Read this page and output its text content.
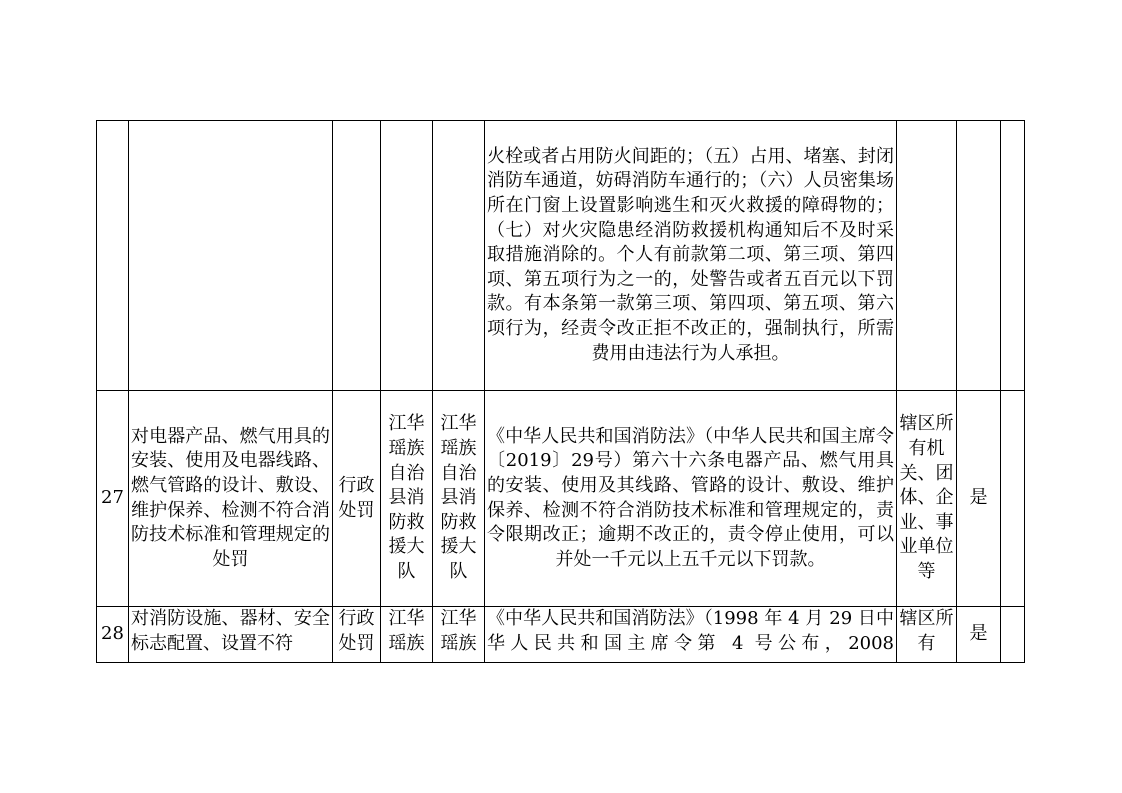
					火栓或者占用防火间距的；（五）占用、堵塞、封闭消防车通道，妨碍消防车通行的；（六）人员密集场所在门窗上设置影响逃生和灭火救援的障碍物的；（七）对火灾隐患经消防救援机构通知后不及时采取措施消除的。个人有前款第二项、第三项、第四项、第五项行为之一的，处警告或者五百元以下罚款。有本条第一款第三项、第四项、第五项、第六项行为，经责令改正拒不改正的，强制执行，所需费用由违法行为人承担。			
27	对电器产品、燃气用具的安装、使用及电器线路、燃气管路的设计、敷设、维护保养、检测不符合消防技术标准和管理规定的处罚	行政处罚	江华瑶族自治县消防救援大队	江华瑶族自治县消防救援大队	《中华人民共和国消防法》（中华人民共和国主席令〔2019〕29号）第六十六条电器产品、燃气用具的安装、使用及其线路、管路的设计、敷设、维护保养、检测不符合消防技术标准和管理规定的，责令限期改正；逾期不改正的，责令停止使用，可以并处一千元以上五千元以下罚款。	辖区所有机关、团体、企业、事业单位等	是	
28	对消防设施、器材、安全标志配置、设置不符	行政处罚	江华瑶族	江华瑶族	《中华人民共和国消防法》（1998 年 4 月 29 日中华人民共和国主席令第 4 号公布，2008	辖区所有	是	
